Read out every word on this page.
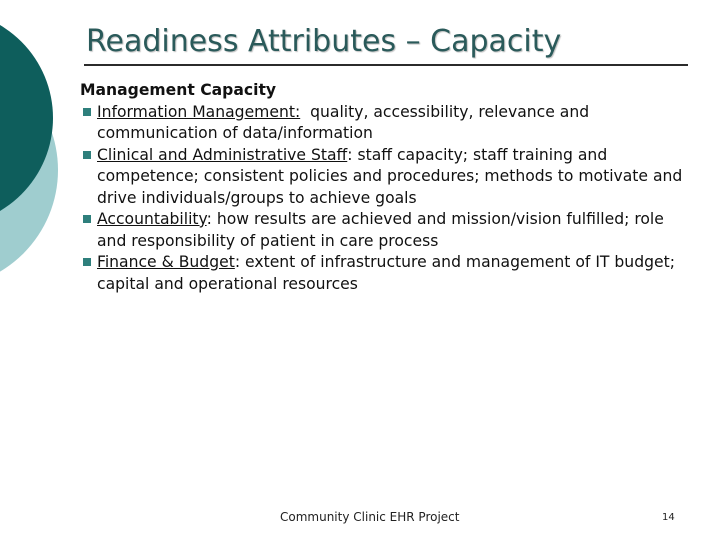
Readiness Attributes – Capacity
Management Capacity
Information Management:  quality, accessibility, relevance and communication of data/information
Clinical and Administrative Staff: staff capacity; staff training and competence; consistent policies and procedures; methods to motivate and drive individuals/groups to achieve goals
Accountability: how results are achieved and mission/vision fulfilled; role and responsibility of patient in care process
Finance & Budget: extent of infrastructure and management of IT budget; capital and operational resources
Community Clinic EHR Project	14
